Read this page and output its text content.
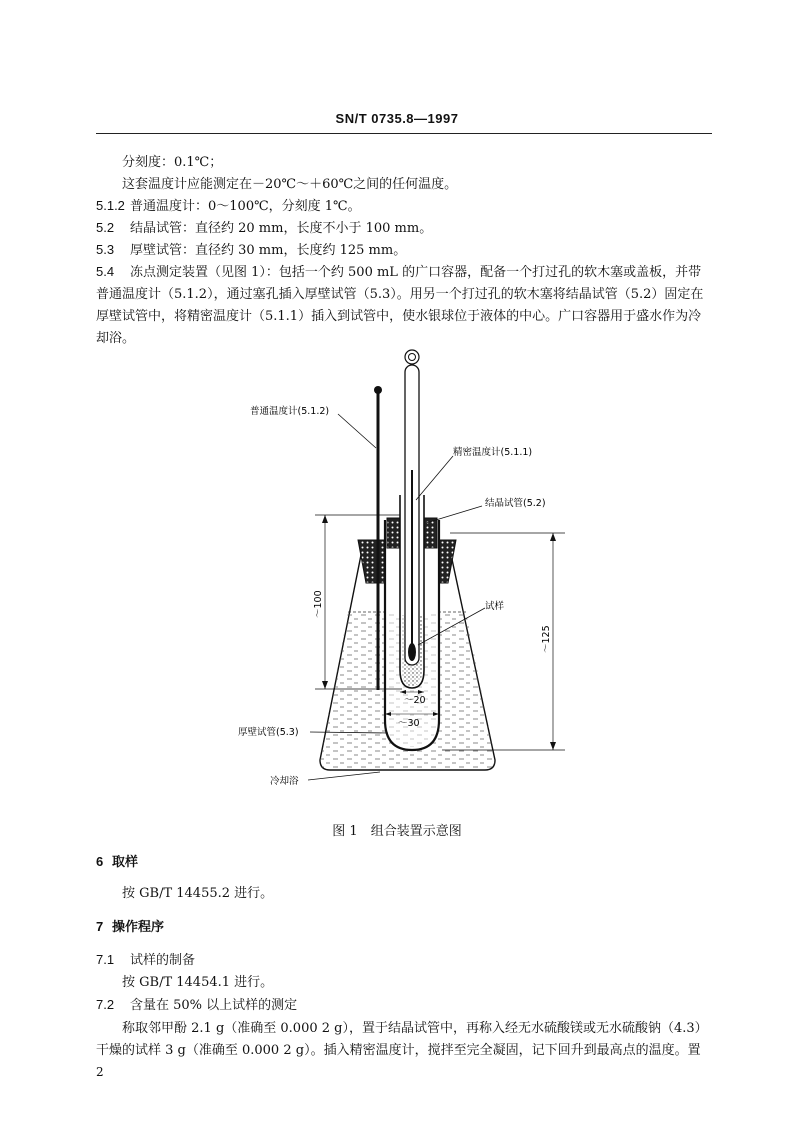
SN/T 0735.8—1997
分刻度：0.1℃；
这套温度计应能测定在－20℃～＋60℃之间的任何温度。
5.1.2 普通温度计：0～100℃，分刻度 1℃。
5.2 结晶试管：直径约 20 mm，长度不小于 100 mm。
5.3 厚壁试管：直径约 30 mm，长度约 125 mm。
5.4 冻点测定装置（见图 1）：包括一个约 500 mL 的广口容器，配备一个打过孔的软木塞或盖板，并带
普通温度计（5.1.2），通过塞孔插入厚壁试管（5.3）。用另一个打过孔的软木塞将结晶试管（5.2）固定在
厚壁试管中，将精密温度计（5.1.1）插入到试管中，使水银球位于液体的中心。广口容器用于盛水作为冷
却浴。
普通温度计(5.1.2)
精密温度计(5.1.1)
结晶试管(5.2)
试样
厚壁试管(5.3)
冷却浴
～100
～125
～20
～30
图 1　组合装置示意图
6 取样
按 GB/T 14455.2 进行。
7 操作程序
7.1 试样的制备
按 GB/T 14454.1 进行。
7.2 含量在 50% 以上试样的测定
称取邻甲酚 2.1 g（准确至 0.000 2 g），置于结晶试管中，再称入经无水硫酸镁或无水硫酸钠（4.3）
干燥的试样 3 g（准确至 0.000 2 g）。插入精密温度计，搅拌至完全凝固，记下回升到最高点的温度。置
2
